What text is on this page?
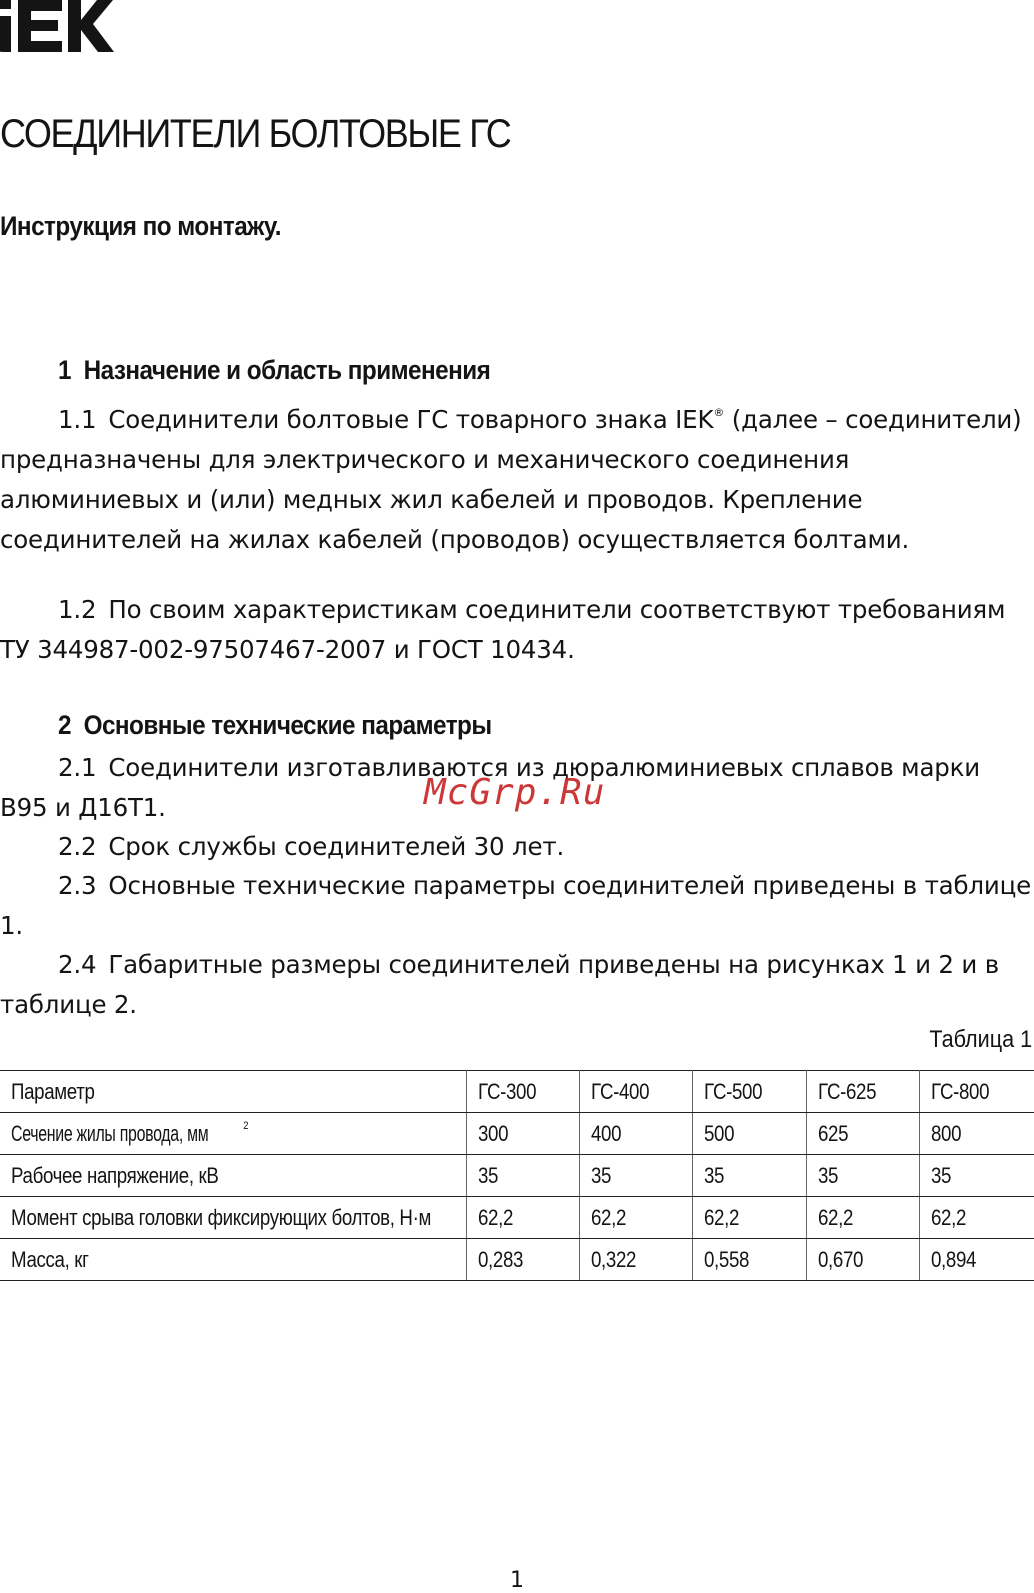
IEK
СОЕДИНИТЕЛИ БОЛТОВЫЕ ГС
Инструкция по монтажу.
1 Назначение и область применения

1.1 Соединители болтовые ГС товарного знака IEK® (далее – соединители) предназначены для электрического и механического соединения алюминиевых и (или) медных жил кабелей и проводов. Крепление соединителей на жилах кабелей (проводов) осуществляется болтами.

1.2 По своим характеристикам соединители соответствуют требованиям ТУ 344987-002-97507467-2007 и ГОСТ 10434.

2 Основные технические параметры

2.1 Соединители изготавливаются из дюралюминиевых сплавов марки В95 и Д16Т1.

2.2 Срок службы соединителей 30 лет.

2.3 Основные технические параметры соединителей приведены в таблице 1.

2.4 Габаритные размеры соединителей приведены на рисунках 1 и 2 и в таблице 2.

McGrp.Ru

Таблица 1

Параметр	ГС-300	ГС-400	ГС-500	ГС-625	ГС-800
Сечение жилы провода, мм $^2$	300	400	500	625	800
Рабочее напряжение, кВ	35	35	35	35	35
Момент срыва головки фиксирующих болтов, Н·м	62,2	62,2	62,2	62,2	62,2
Масса, кг	0,283	0,322	0,558	0,670	0,894
1
